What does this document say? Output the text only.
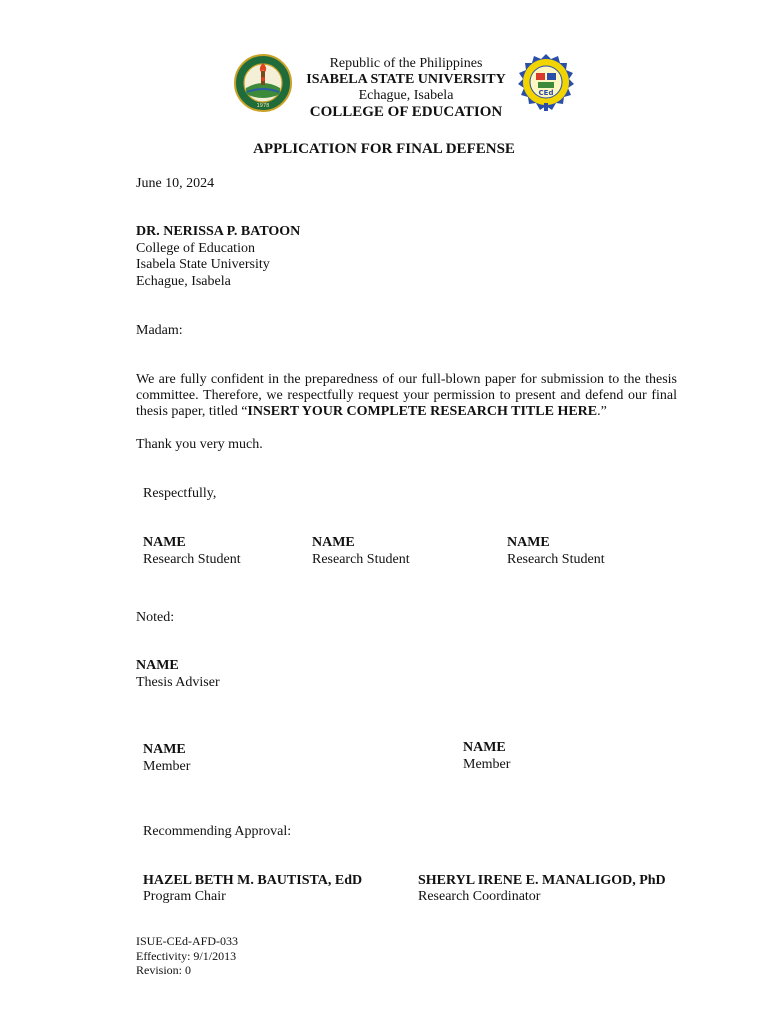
1978
Republic of the Philippines
ISABELA STATE UNIVERSITY
Echague, Isabela
COLLEGE OF EDUCATION
CEd
APPLICATION FOR FINAL DEFENSE
June 10, 2024
DR. NERISSA P. BATOON
College of Education
Isabela State University
Echague, Isabela
Madam:
We are fully confident in the preparedness of our full-blown paper for submission to the thesis committee. Therefore, we respectfully request your permission to present and defend our final thesis paper, titled “INSERT YOUR COMPLETE RESEARCH TITLE HERE.”
Thank you very much.
Respectfully,
NAME
Research Student
NAME
Research Student
NAME
Research Student
Noted:
NAME
Thesis Adviser
NAME
Member
NAME
Member
Recommending Approval:
HAZEL BETH M. BAUTISTA, EdD
Program Chair
SHERYL IRENE E. MANALIGOD, PhD
Research Coordinator
ISUE-CEd-AFD-033
Effectivity: 9/1/2013
Revision: 0
